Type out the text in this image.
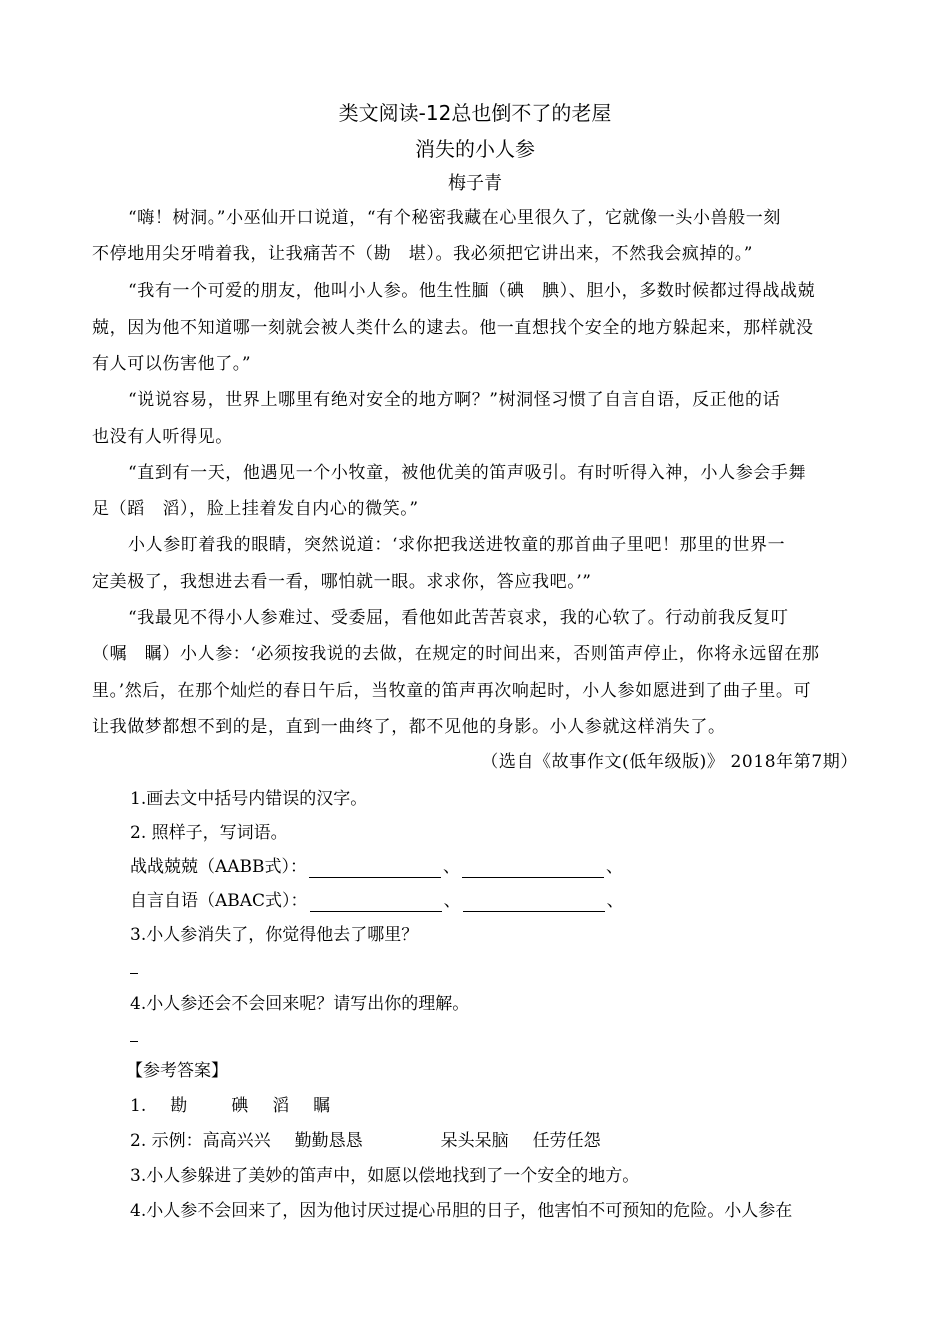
类文阅读-12总也倒不了的老屋
消失的小人参
梅子青
“嗨！树洞。”小巫仙开口说道，“有个秘密我藏在心里很久了，它就像一头小兽般一刻
不停地用尖牙啃着我，让我痛苦不（勘　堪）。我必须把它讲出来，不然我会疯掉的。”
“我有一个可爱的朋友，他叫小人参。他生性腼（碘　腆）、胆小，多数时候都过得战战兢
兢，因为他不知道哪一刻就会被人类什么的逮去。他一直想找个安全的地方躲起来，那样就没
有人可以伤害他了。”
“说说容易，世界上哪里有绝对安全的地方啊？”树洞怪习惯了自言自语，反正他的话
也没有人听得见。
“直到有一天，他遇见一个小牧童，被他优美的笛声吸引。有时听得入神，小人参会手舞
足（蹈　滔），脸上挂着发自内心的微笑。”
小人参盯着我的眼睛，突然说道：‘求你把我送进牧童的那首曲子里吧！那里的世界一
定美极了，我想进去看一看，哪怕就一眼。求求你，答应我吧。’”
“我最见不得小人参难过、受委屈，看他如此苦苦哀求，我的心软了。行动前我反复叮
（嘱　瞩）小人参：‘必须按我说的去做，在规定的时间出来，否则笛声停止，你将永远留在那
里。’然后，在那个灿烂的春日午后，当牧童的笛声再次响起时，小人参如愿进到了曲子里。可
让我做梦都想不到的是，直到一曲终了，都不见他的身影。小人参就这样消失了。
（选自《故事作文(低年级版)》 2018年第7期）
1.画去文中括号内错误的汉字。
2. 照样子，写词语。
战战兢兢（AABB式）：	、	、
自言自语（ABAC式）：	、	、
3.小人参消失了，你觉得他去了哪里？
4.小人参还会不会回来呢？请写出你的理解。
【参考答案】
1. 勘	碘 滔 瞩
2. 示例：高高兴兴 勤勤恳恳	呆头呆脑 任劳任怨
3.小人参躲进了美妙的笛声中，如愿以偿地找到了一个安全的地方。
4.小人参不会回来了，因为他讨厌过提心吊胆的日子，他害怕不可预知的危险。小人参在
